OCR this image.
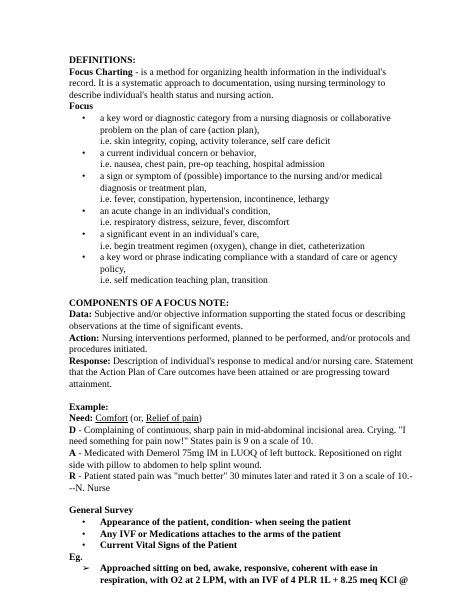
DEFINITIONS:

Focus Charting - is a method for organizing health information in the individual's record. It is a systematic approach to documentation, using nursing terminology to describe individual's health status and nursing action.

Focus

• a key word or diagnostic category from a nursing diagnosis or collaborative problem on the plan of care (action plan),
i.e. skin integrity, coping, activity tolerance, self care deficit
• a current individual concern or behavior,
i.e. nausea, chest pain, pre-op teaching, hospital admission
• a sign or symptom of (possible) importance to the nursing and/or medical diagnosis or treatment plan,
i.e. fever, constipation, hypertension, incontinence, lethargy
• an acute change in an individual's condition,
i.e. respiratory distress, seizure, fever, discomfort
• a significant event in an individual's care,
i.e. begin treatment regimen (oxygen), change in diet, catheterization
• a key word or phrase indicating compliance with a standard of care or agency policy,
i.e. self medication teaching plan, transition

COMPONENTS OF A FOCUS NOTE:

Data: Subjective and/or objective information supporting the stated focus or describing observations at the time of significant events.

Action: Nursing interventions performed, planned to be performed, and/or protocols and procedures initiated.

Response: Description of individual's response to medical and/or nursing care. Statement that the Action Plan of Care outcomes have been attained or are progressing toward attainment.

Example:

Need: Comfort (or, Relief of pain)

D - Complaining of continuous, sharp pain in mid-abdominal incisional area. Crying. "I need something for pain now!" States pain is 9 on a scale of 10.

A - Medicated with Demerol 75mg IM in LUOQ of left buttock. Repositioned on right side with pillow to abdomen to help splint wound.

R - Patient stated pain was "much better" 30 minutes later and rated it 3 on a scale of 10.---N. Nurse

General Survey

• Appearance of the patient, condition- when seeing the patient
• Any IVF or Medications attaches to the arms of the patient
• Current Vital Signs of the Patient

Eg.

➢ Approached sitting on bed, awake, responsive, coherent with ease in respiration, with O2 at 2 LPM, with an IVF of 4 PLR 1L + 8.25 meq KCl @
